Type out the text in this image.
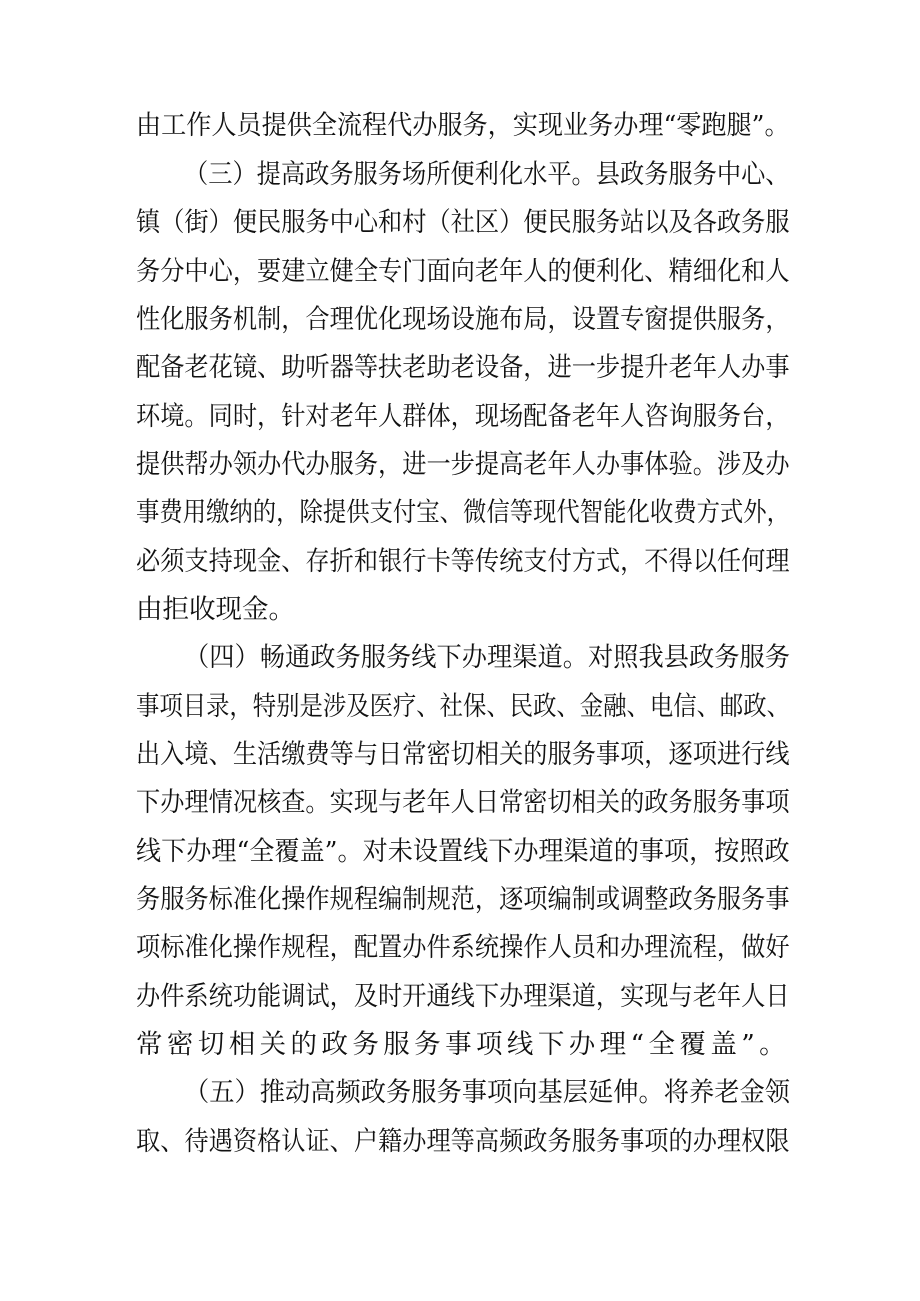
由工作人员提供全流程代办服务，实现业务办理“零跑腿”。
（三）提高政务服务场所便利化水平。县政务服务中心、
镇（街）便民服务中心和村（社区）便民服务站以及各政务服
务分中心，要建立健全专门面向老年人的便利化、精细化和人
性化服务机制，合理优化现场设施布局，设置专窗提供服务，
配备老花镜、助听器等扶老助老设备，进一步提升老年人办事
环境。同时，针对老年人群体，现场配备老年人咨询服务台，
提供帮办领办代办服务，进一步提高老年人办事体验。涉及办
事费用缴纳的，除提供支付宝、微信等现代智能化收费方式外，
必须支持现金、存折和银行卡等传统支付方式，不得以任何理
由拒收现金。
（四）畅通政务服务线下办理渠道。对照我县政务服务
事项目录，特别是涉及医疗、社保、民政、金融、电信、邮政、
出入境、生活缴费等与日常密切相关的服务事项，逐项进行线
下办理情况核查。实现与老年人日常密切相关的政务服务事项
线下办理“全覆盖”。对未设置线下办理渠道的事项，按照政
务服务标准化操作规程编制规范，逐项编制或调整政务服务事
项标准化操作规程，配置办件系统操作人员和办理流程，做好
办件系统功能调试，及时开通线下办理渠道，实现与老年人日
常密切相关的政务服务事项线下办理“全覆盖”。
（五）推动高频政务服务事项向基层延伸。将养老金领
取、待遇资格认证、户籍办理等高频政务服务事项的办理权限
